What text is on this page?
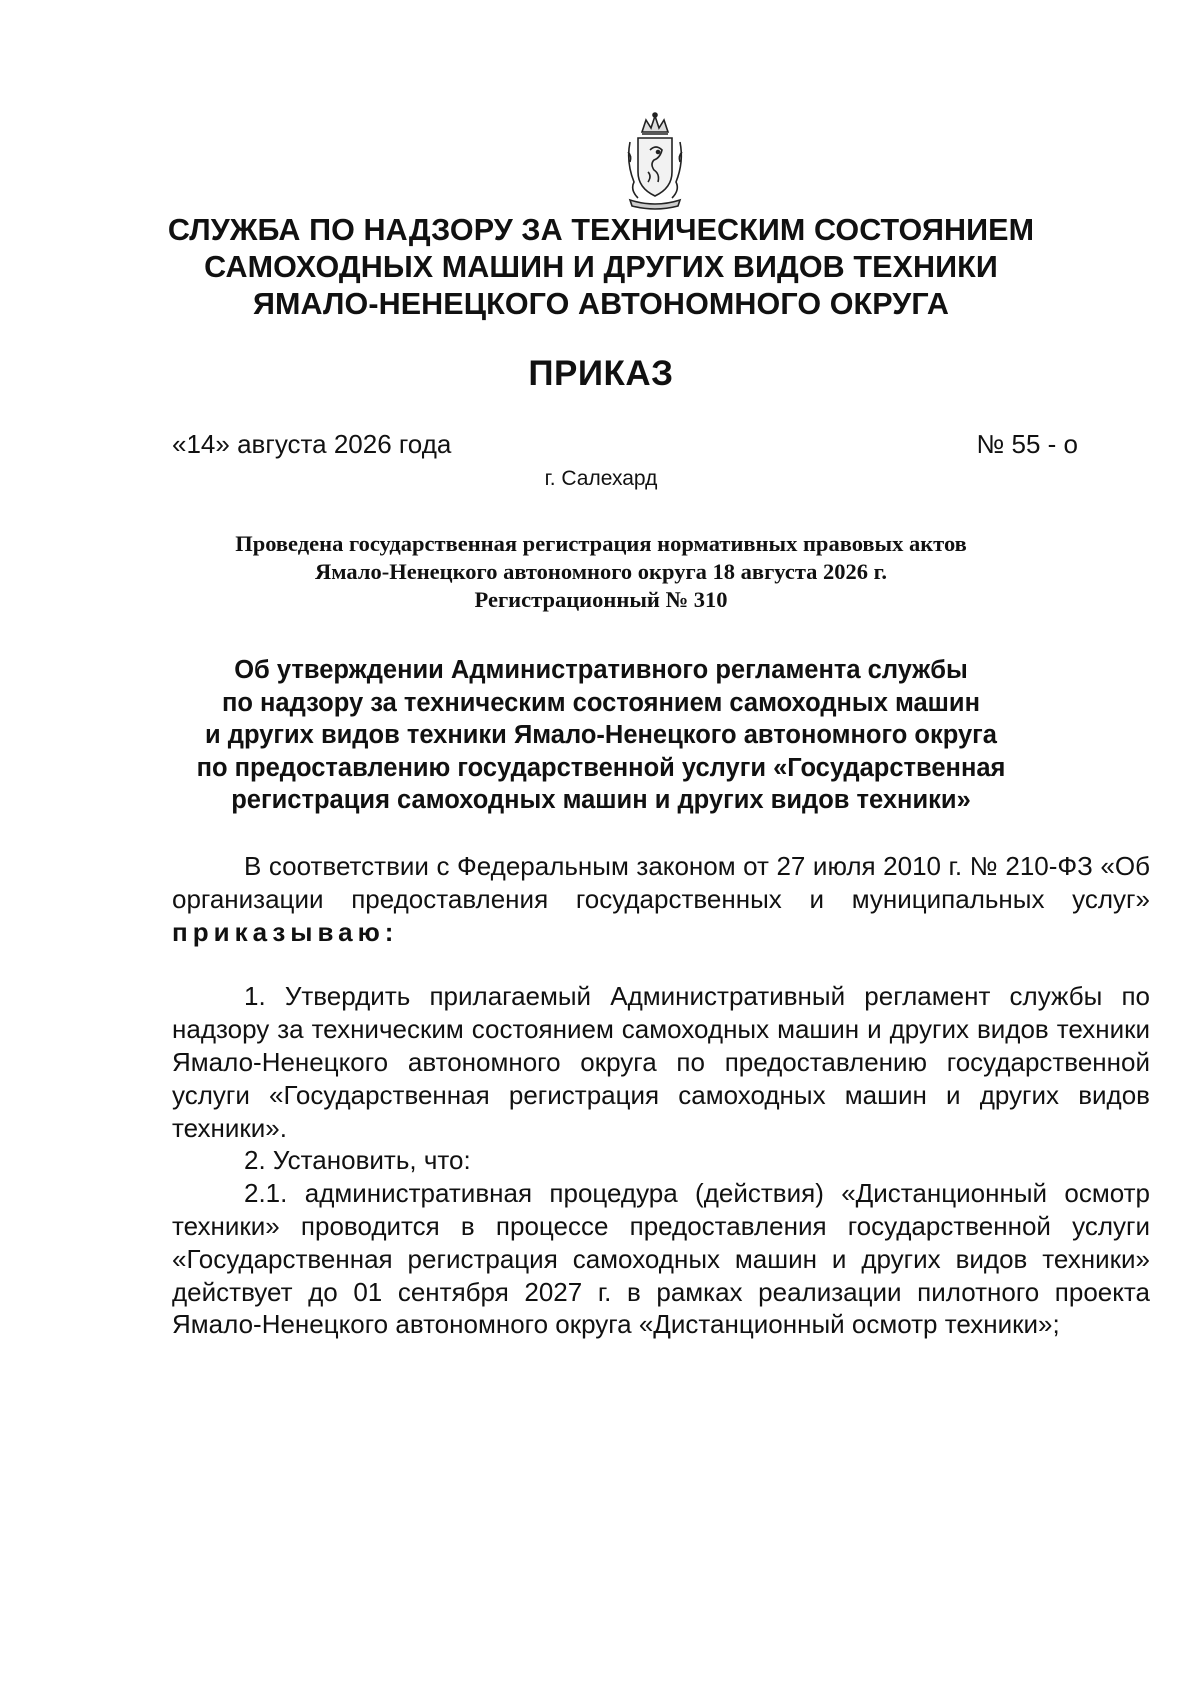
СЛУЖБА ПО НАДЗОРУ ЗА ТЕХНИЧЕСКИМ СОСТОЯНИЕМ
САМОХОДНЫХ МАШИН И ДРУГИХ ВИДОВ ТЕХНИКИ
ЯМАЛО-НЕНЕЦКОГО АВТОНОМНОГО ОКРУГА
ПРИКАЗ
«14» августа 2026 года	№ 55 - о
г. Салехард
Проведена государственная регистрация нормативных правовых актов
Ямало-Ненецкого автономного округа 18 августа 2026 г.
Регистрационный № 310
Об утверждении Административного регламента службы
по надзору за техническим состоянием самоходных машин
и других видов техники Ямало-Ненецкого автономного округа
по предоставлению государственной услуги «Государственная
регистрация самоходных машин и других видов техники»

В соответствии с Федеральным законом от 27 июля 2010 г. № 210-ФЗ «Об организации предоставления государственных и муниципальных услуг» приказываю:

1. Утвердить прилагаемый Административный регламент службы по надзору за техническим состоянием самоходных машин и других видов техники Ямало-Ненецкого автономного округа по предоставлению государственной услуги «Государственная регистрация самоходных машин и других видов техники».

2. Установить, что:

2.1. административная процедура (действия) «Дистанционный осмотр техники» проводится в процессе предоставления государственной услуги «Государственная регистрация самоходных машин и других видов техники» действует до 01 сентября 2027 г. в рамках реализации пилотного проекта Ямало-Ненецкого автономного округа «Дистанционный осмотр техники»;
